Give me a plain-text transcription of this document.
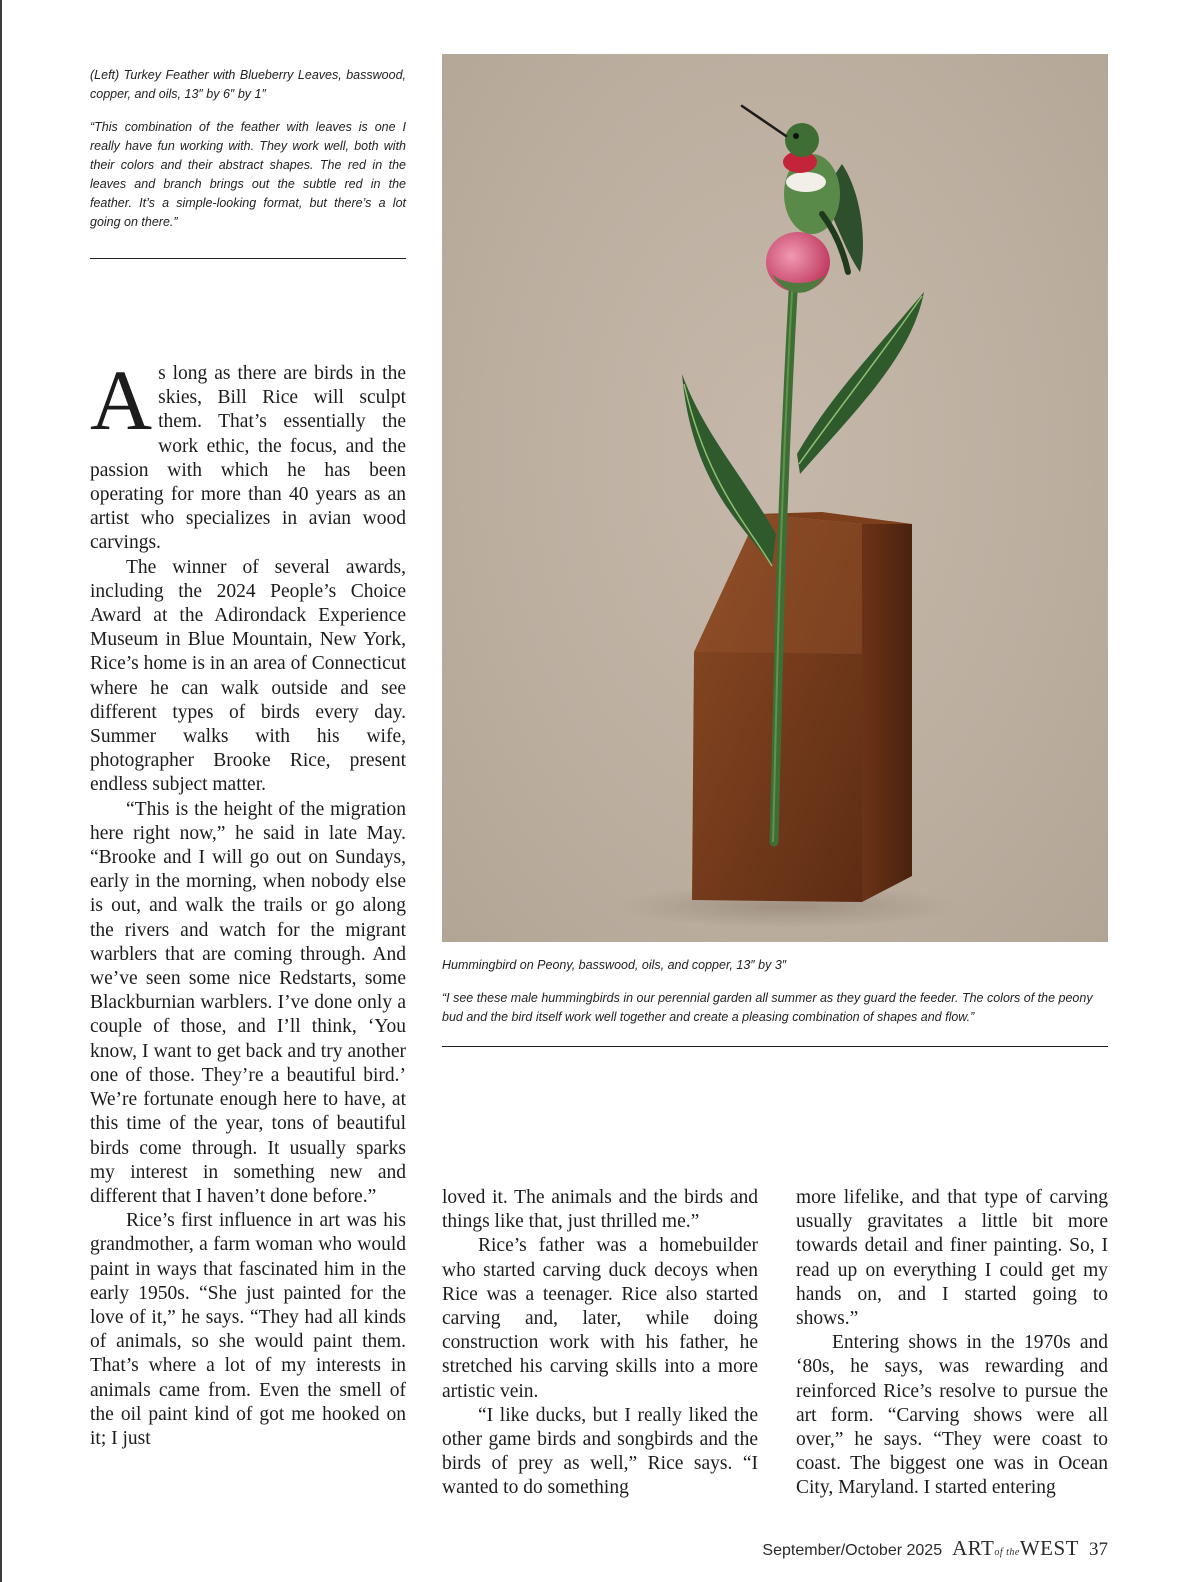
(Left) Turkey Feather with Blueberry Leaves, basswood, copper, and oils, 13″ by 6″ by 1″

“This combination of the feather with leaves is one I really have fun working with. They work well, both with their colors and their abstract shapes. The red in the leaves and branch brings out the subtle red in the feather. It’s a simple-looking format, but there’s a lot going on there.”

As long as there are birds in the skies, Bill Rice will sculpt them. That’s essentially the work ethic, the focus, and the passion with which he has been operating for more than 40 years as an artist who specializes in avian wood carvings.

The winner of several awards, including the 2024 People’s Choice Award at the Adirondack Experience Museum in Blue Mountain, New York, Rice’s home is in an area of Connecticut where he can walk outside and see different types of birds every day. Summer walks with his wife, photographer Brooke Rice, present endless subject matter.

“This is the height of the migration here right now,” he said in late May. “Brooke and I will go out on Sundays, early in the morning, when nobody else is out, and walk the trails or go along the rivers and watch for the migrant warblers that are coming through. And we’ve seen some nice Redstarts, some Blackburnian warblers. I’ve done only a couple of those, and I’ll think, ‘You know, I want to get back and try another one of those. They’re a beautiful bird.’ We’re fortunate enough here to have, at this time of the year, tons of beautiful birds come through. It usually sparks my interest in something new and different that I haven’t done before.”

Rice’s first influence in art was his grandmother, a farm woman who would paint in ways that fascinated him in the early 1950s. “She just painted for the love of it,” he says. “They had all kinds of animals, so she would paint them. That’s where a lot of my interests in animals came from. Even the smell of the oil paint kind of got me hooked on it; I just

Hummingbird on Peony, basswood, oils, and copper, 13″ by 3″

“I see these male hummingbirds in our perennial garden all summer as they guard the feeder. The colors of the peony bud and the bird itself work well together and create a pleasing combination of shapes and flow.”

loved it. The animals and the birds and things like that, just thrilled me.”

Rice’s father was a homebuilder who started carving duck decoys when Rice was a teenager. Rice also started carving and, later, while doing construction work with his father, he stretched his carving skills into a more artistic vein.

“I like ducks, but I really liked the other game birds and songbirds and the birds of prey as well,” Rice says. “I wanted to do something

more lifelike, and that type of carving usually gravitates a little bit more towards detail and finer painting. So, I read up on everything I could get my hands on, and I started going to shows.”

Entering shows in the 1970s and ‘80s, he says, was rewarding and reinforced Rice’s resolve to pursue the art form. “Carving shows were all over,” he says. “They were coast to coast. The biggest one was in Ocean City, Maryland. I started entering

September/October 2025 ARTof theWEST 37
